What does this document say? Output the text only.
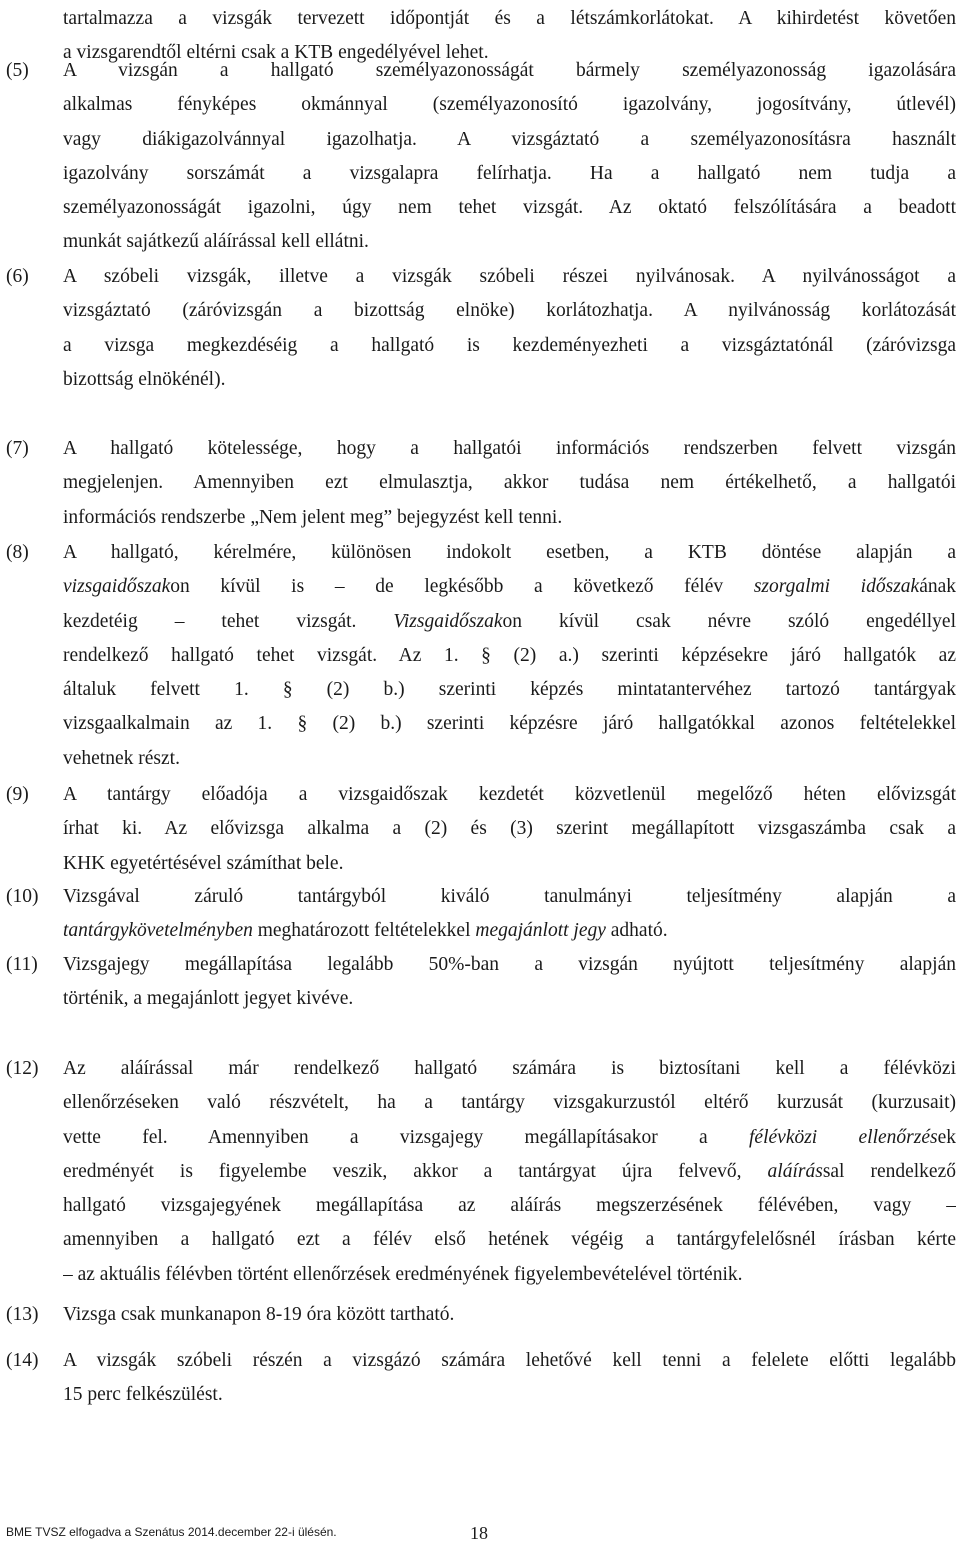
tartalmazza a vizsgák tervezett időpontját és a létszámkorlátokat. A kihirdetést követően
a vizsgarendtől eltérni csak a KTB engedélyével lehet.
(5) A vizsgán a hallgató személyazonosságát bármely személyazonosság igazolására
alkalmas fényképes okmánnyal (személyazonosító igazolvány, jogosítvány, útlevél)
vagy diákigazolvánnyal igazolhatja. A vizsgáztató a személyazonosításra használt
igazolvány sorszámát a vizsgalapra felírhatja. Ha a hallgató nem tudja a
személyazonosságát igazolni, úgy nem tehet vizsgát. Az oktató felszólítására a beadott
munkát sajátkezű aláírással kell ellátni.
(6) A szóbeli vizsgák, illetve a vizsgák szóbeli részei nyilvánosak. A nyilvánosságot a
vizsgáztató (záróvizsgán a bizottság elnöke) korlátozhatja. A nyilvánosság korlátozását
a vizsga megkezdéséig a hallgató is kezdeményezheti a vizsgáztatónál (záróvizsga
bizottság elnökénél).
(7) A hallgató kötelessége, hogy a hallgatói információs rendszerben felvett vizsgán
megjelenjen. Amennyiben ezt elmulasztja, akkor tudása nem értékelhető, a hallgatói
információs rendszerbe „Nem jelent meg” bejegyzést kell tenni.
(8) A hallgató, kérelmére, különösen indokolt esetben, a KTB döntése alapján a
vizsgaidőszakon kívül is – de legkésőbb a következő félév szorgalmi időszakának
kezdetéig – tehet vizsgát. Vizsgaidőszakon kívül csak névre szóló engedéllyel
rendelkező hallgató tehet vizsgát. Az 1. § (2) a.) szerinti képzésekre járó hallgatók az
általuk felvett 1. § (2) b.) szerinti képzés mintatantervéhez tartozó tantárgyak
vizsgaalkalmain az 1. § (2) b.) szerinti képzésre járó hallgatókkal azonos feltételekkel
vehetnek részt.
(9) A tantárgy előadója a vizsgaidőszak kezdetét közvetlenül megelőző héten elővizsgát
írhat ki. Az elővizsga alkalma a (2) és (3) szerint megállapított vizsgaszámba csak a
KHK egyetértésével számíthat bele.
(10) Vizsgával záruló tantárgyból kiváló tanulmányi teljesítmény alapján a
tantárgykövetelményben meghatározott feltételekkel megajánlott jegy adható.
(11) Vizsgajegy megállapítása legalább 50%-ban a vizsgán nyújtott teljesítmény alapján
történik, a megajánlott jegyet kivéve.
(12) Az aláírással már rendelkező hallgató számára is biztosítani kell a félévközi
ellenőrzéseken való részvételt, ha a tantárgy vizsgakurzustól eltérő kurzusát (kurzusait)
vette fel. Amennyiben a vizsgajegy megállapításakor a félévközi ellenőrzések
eredményét is figyelembe veszik, akkor a tantárgyat újra felvevő, aláírással rendelkező
hallgató vizsgajegyének megállapítása az aláírás megszerzésének félévében, vagy –
amennyiben a hallgató ezt a félév első hetének végéig a tantárgyfelelősnél írásban kérte
– az aktuális félévben történt ellenőrzések eredményének figyelembevételével történik.
(13) Vizsga csak munkanapon 8-19 óra között tartható.
(14) A vizsgák szóbeli részén a vizsgázó számára lehetővé kell tenni a felelete előtti legalább
15 perc felkészülést.
BME TVSZ elfogadva a Szenátus 2014.december 22-i ülésén.	18
